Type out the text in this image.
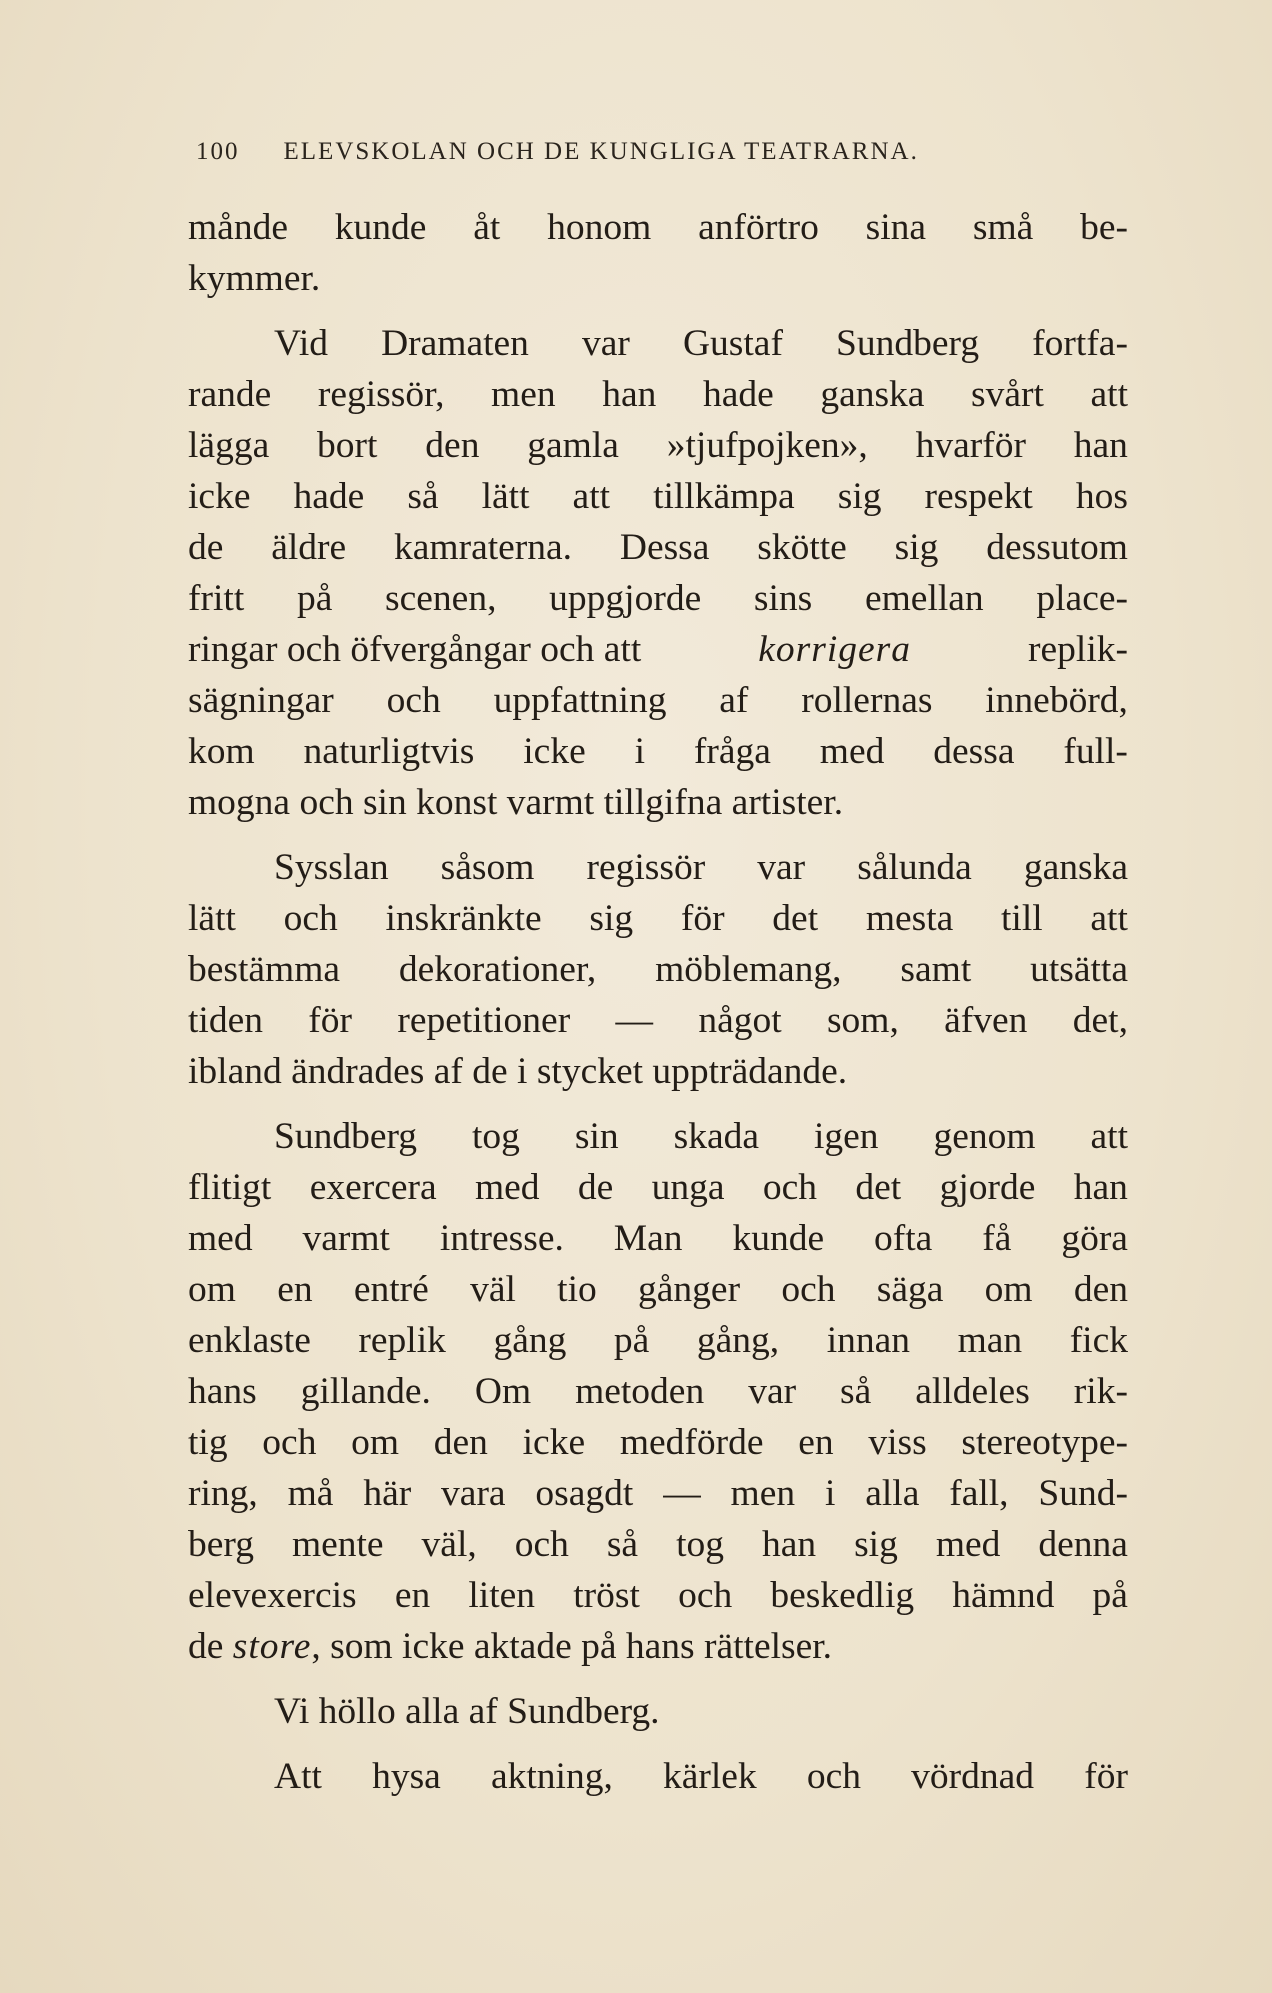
100 ELEVSKOLAN OCH DE KUNGLIGA TEATRARNA.
månde kunde åt honom anförtro sina små be-
kymmer.
Vid Dramaten var Gustaf Sundberg fortfa-
rande regissör, men han hade ganska svårt att
lägga bort den gamla »tjufpojken», hvarför han
icke hade så lätt att tillkämpa sig respekt hos
de äldre kamraterna. Dessa skötte sig dessutom
fritt på scenen, uppgjorde sins emellan place-
ringar och öfvergångar och att	korrigera	replik-
sägningar och uppfattning af rollernas innebörd,
kom naturligtvis icke i fråga med dessa full-
mogna och sin konst varmt tillgifna artister.
Sysslan såsom regissör var sålunda ganska
lätt och inskränkte sig för det mesta till att
bestämma dekorationer, möblemang, samt utsätta
tiden för repetitioner — något som, äfven det,
ibland ändrades af de i stycket uppträdande.
Sundberg tog sin skada igen genom att
flitigt exercera med de unga och det gjorde han
med varmt intresse. Man kunde ofta få göra
om en entré väl tio gånger och säga om den
enklaste replik gång på gång, innan man fick
hans gillande. Om metoden var så alldeles rik-
tig och om den icke medförde en viss stereotype-
ring, må här vara osagdt — men i alla fall, Sund-
berg mente väl, och så tog han sig med denna
elevexercis en liten tröst och beskedlig hämnd på
de
store , som icke aktade på hans rättelser.
Vi höllo alla af Sundberg.
Att hysa aktning, kärlek och vördnad för
